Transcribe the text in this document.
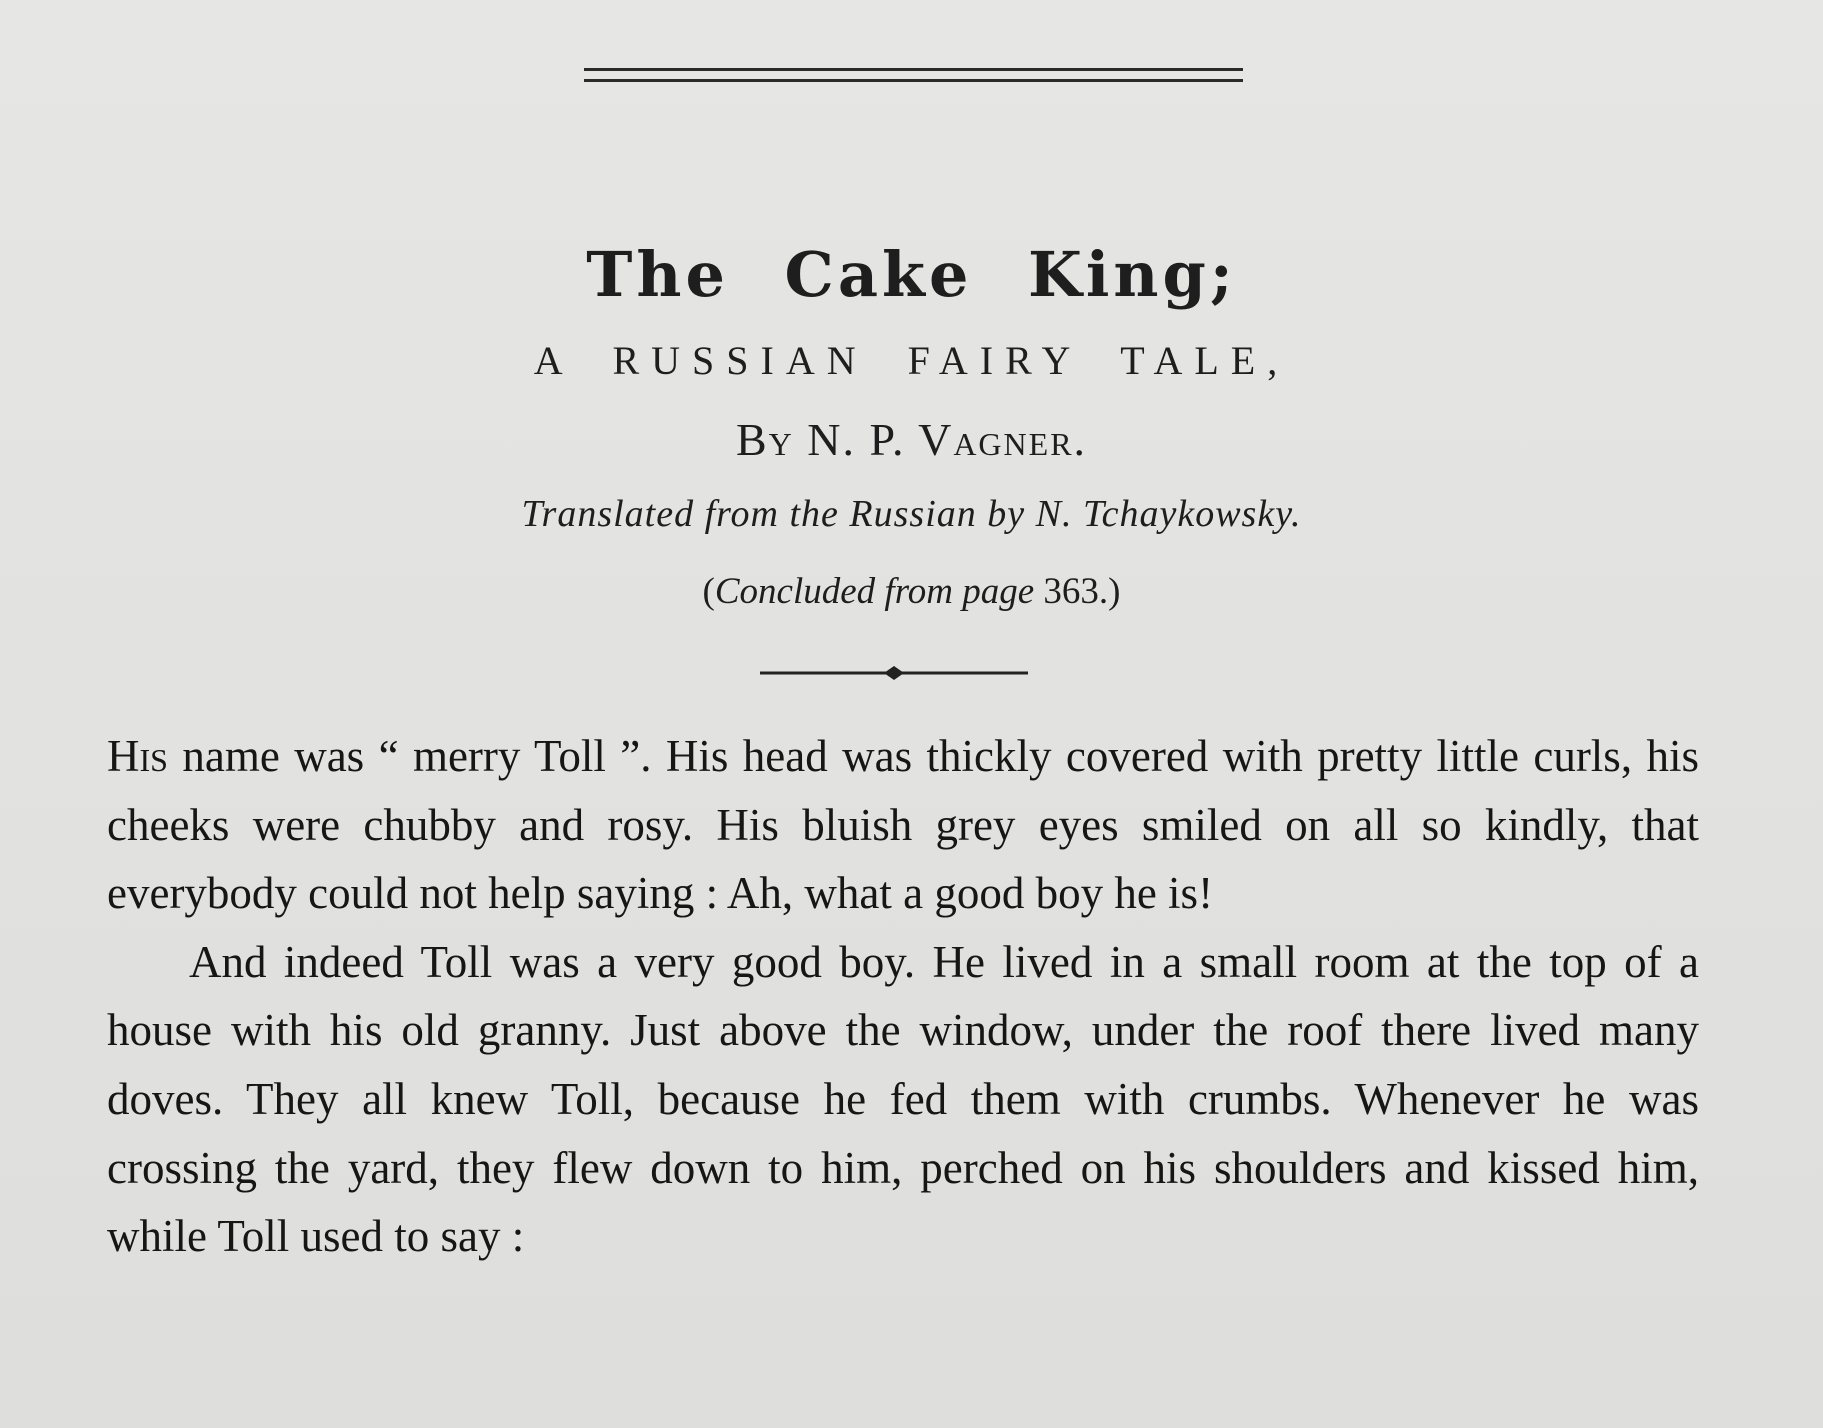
The Cake King;
A RUSSIAN FAIRY TALE,
By N. P. Vagner.
Translated from the Russian by N. Tchaykowsky.
(Concluded from page 363.)

His name was “ merry Toll ”. His head was thickly covered with pretty little curls, his cheeks were chubby and rosy. His bluish grey eyes smiled on all so kindly, that everybody could not help saying : Ah, what a good boy he is!

And indeed Toll was a very good boy. He lived in a small room at the top of a house with his old granny. Just above the window, under the roof there lived many doves. They all knew Toll, because he fed them with crumbs. Whenever he was crossing the yard, they flew down to him, perched on his shoulders and kissed him, while Toll used to say :
